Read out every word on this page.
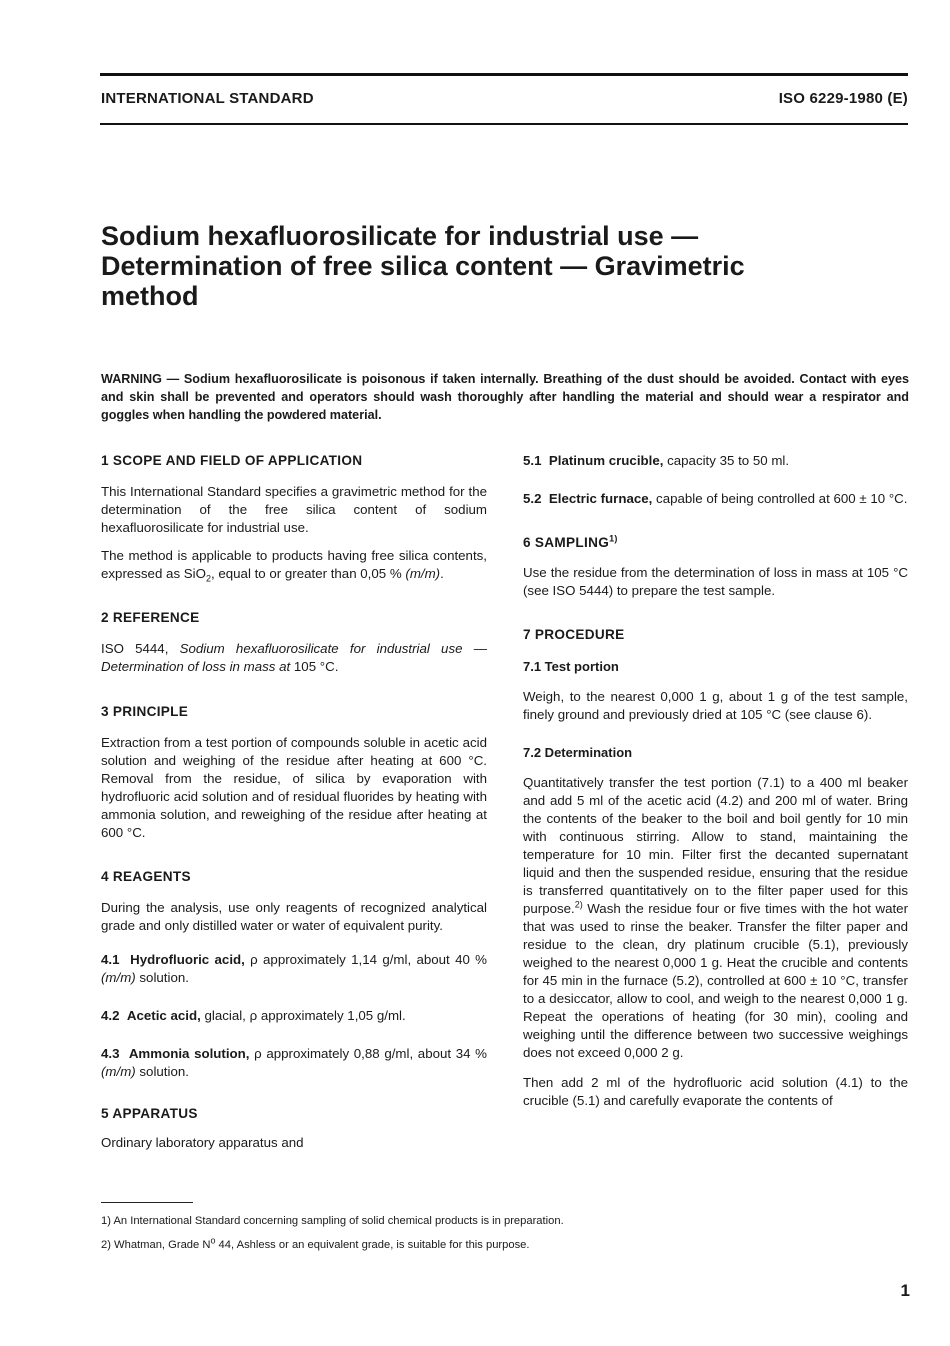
INTERNATIONAL STANDARD	ISO 6229-1980 (E)
Sodium hexafluorosilicate for industrial use —
Determination of free silica content — Gravimetric
method

WARNING — Sodium hexafluorosilicate is poisonous if taken internally. Breathing of the dust should be avoided. Contact with eyes and skin shall be prevented and operators should wash thoroughly after handling the material and should wear a respirator and goggles when handling the powdered material.

1 SCOPE AND FIELD OF APPLICATION

This International Standard specifies a gravimetric method for the determination of the free silica content of sodium hexafluorosilicate for industrial use.

The method is applicable to products having free silica contents, expressed as SiO$_2$, equal to or greater than 0,05 % (m/m).

2 REFERENCE

ISO 5444, Sodium hexafluorosilicate for industrial use — Determination of loss in mass at 105 °C.

3 PRINCIPLE

Extraction from a test portion of compounds soluble in acetic acid solution and weighing of the residue after heating at 600 °C. Removal from the residue, of silica by evaporation with hydrofluoric acid solution and of residual fluorides by heating with ammonia solution, and reweighing of the residue after heating at 600 °C.

4 REAGENTS

During the analysis, use only reagents of recognized analytical grade and only distilled water or water of equivalent purity.

4.1 Hydrofluoric acid, ρ approximately 1,14 g/ml, about 40 % (m/m) solution.

4.2 Acetic acid, glacial, ρ approximately 1,05 g/ml.

4.3 Ammonia solution, ρ approximately 0,88 g/ml, about 34 % (m/m) solution.

5 APPARATUS

Ordinary laboratory apparatus and

5.1 Platinum crucible, capacity 35 to 50 ml.

5.2 Electric furnace, capable of being controlled at 600 ± 10 °C.

6 SAMPLING$^{1)}$

Use the residue from the determination of loss in mass at 105 °C (see ISO 5444) to prepare the test sample.

7 PROCEDURE
7.1 Test portion

Weigh, to the nearest 0,000 1 g, about 1 g of the test sample, finely ground and previously dried at 105 °C (see clause 6).

7.2 Determination

Quantitatively transfer the test portion (7.1) to a 400 ml beaker and add 5 ml of the acetic acid (4.2) and 200 ml of water. Bring the contents of the beaker to the boil and boil gently for 10 min with continuous stirring. Allow to stand, maintaining the temperature for 10 min. Filter first the decanted supernatant liquid and then the suspended residue, ensuring that the residue is transferred quantitatively on to the filter paper used for this purpose.$^{2)}$ Wash the residue four or five times with the hot water that was used to rinse the beaker. Transfer the filter paper and residue to the clean, dry platinum crucible (5.1), previously weighed to the nearest 0,000 1 g. Heat the crucible and contents for 45 min in the furnace (5.2), controlled at 600 ± 10 °C, transfer to a desiccator, allow to cool, and weigh to the nearest 0,000 1 g. Repeat the operations of heating (for 30 min), cooling and weighing until the difference between two successive weighings does not exceed 0,000 2 g.

Then add 2 ml of the hydrofluoric acid solution (4.1) to the crucible (5.1) and carefully evaporate the contents of

1) An International Standard concerning sampling of solid chemical products is in preparation.

2) Whatman, Grade $N^o$ 44, Ashless or an equivalent grade, is suitable for this purpose.

1
